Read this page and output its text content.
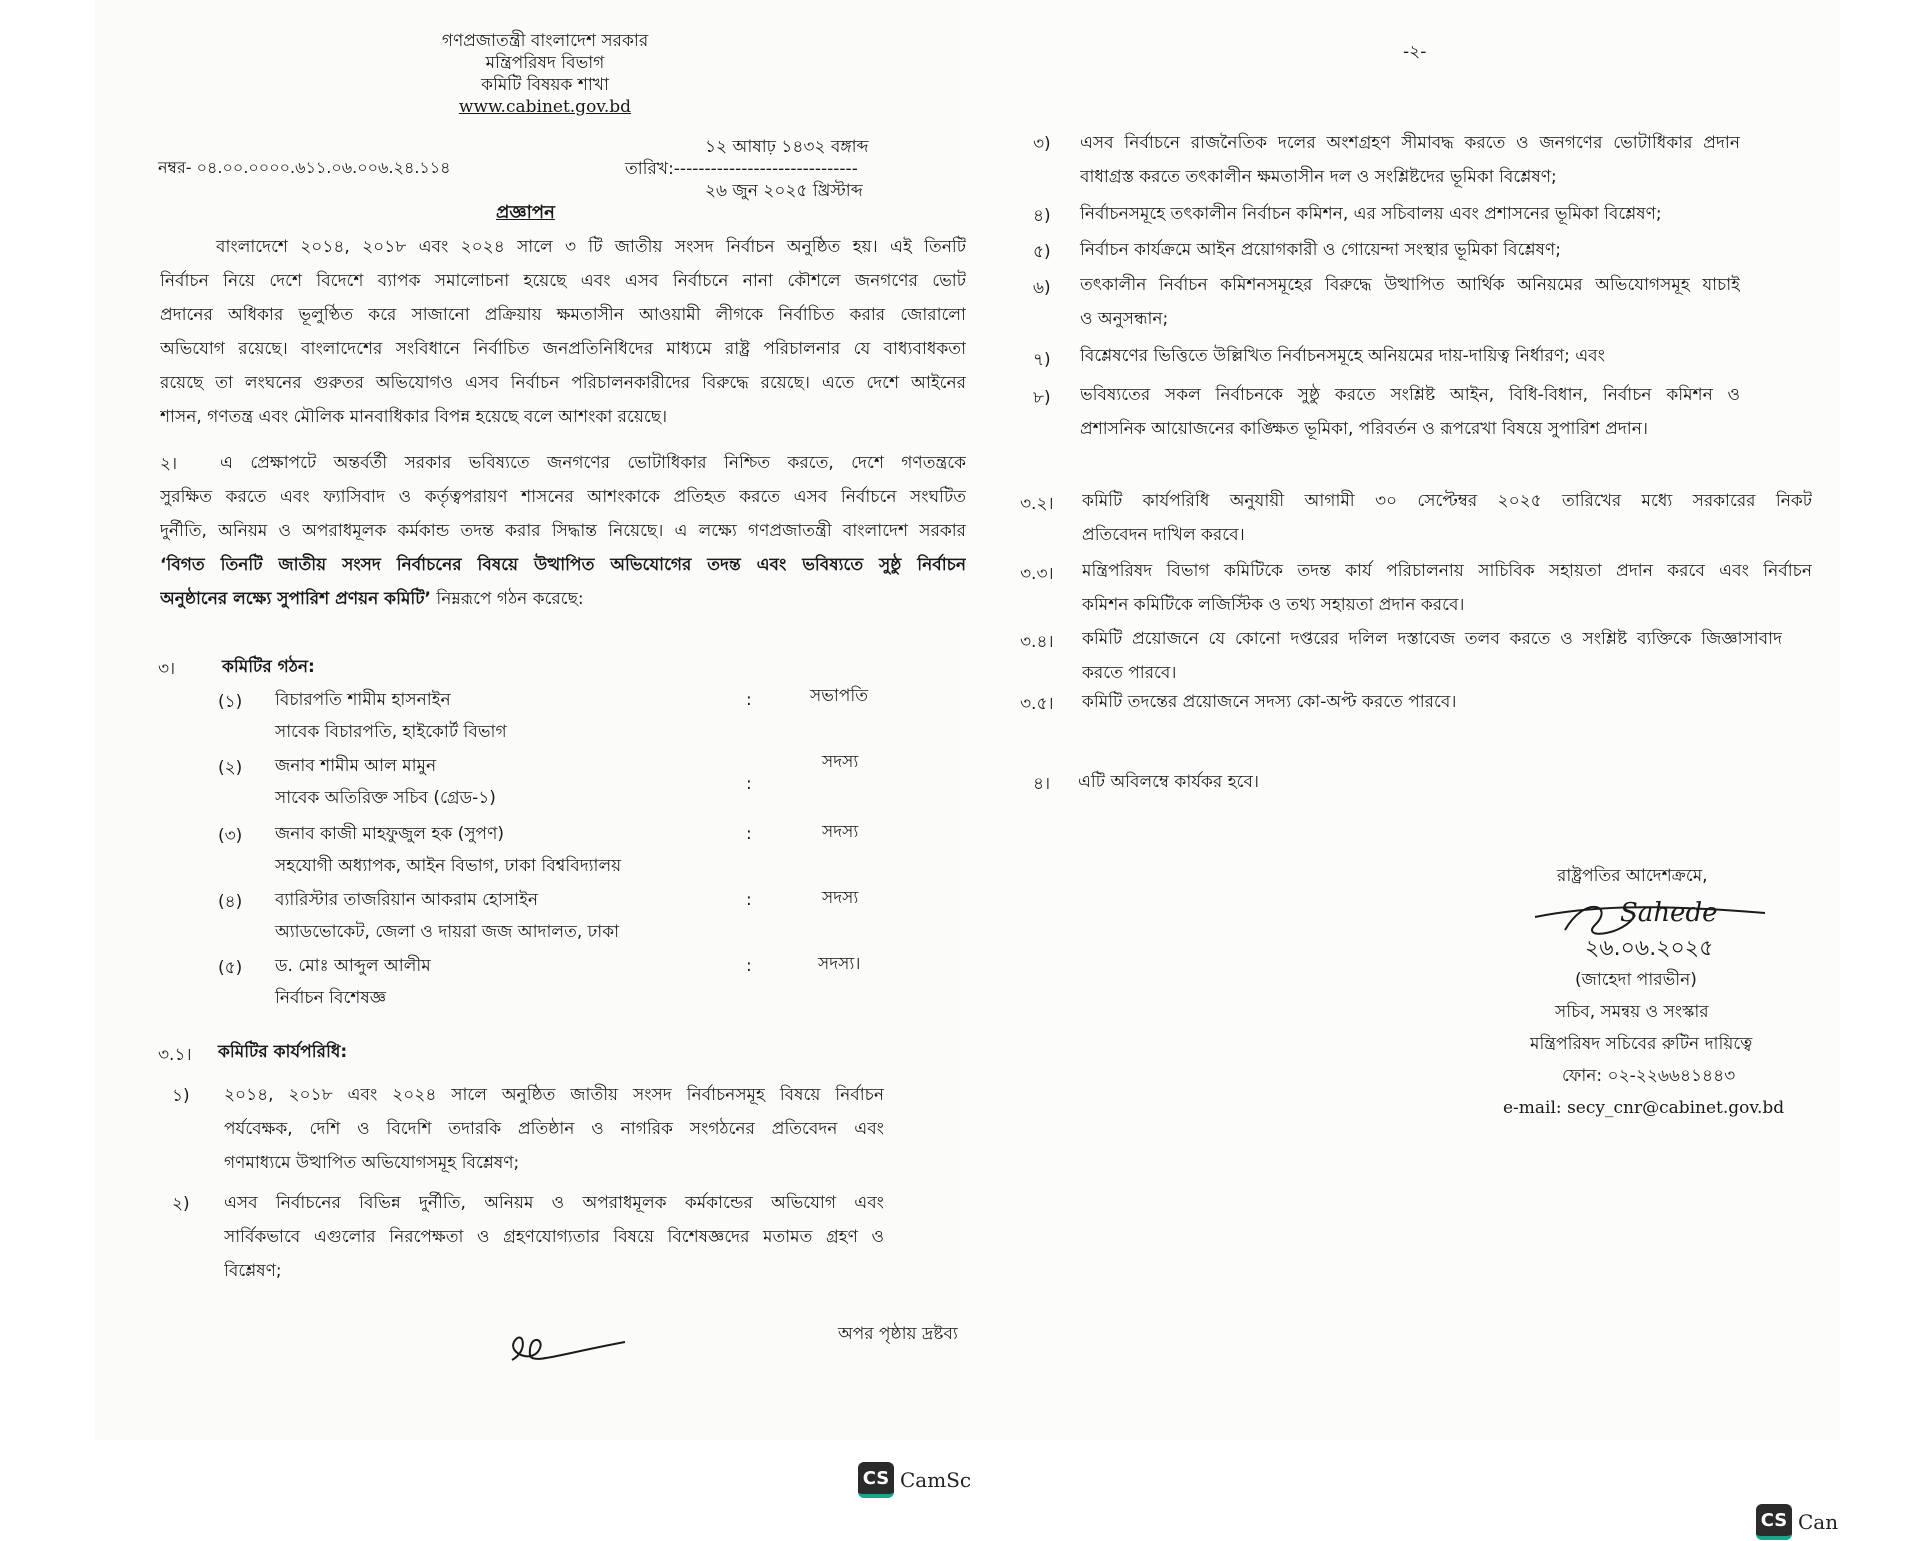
গণপ্রজাতন্ত্রী বাংলাদেশ সরকার
মন্ত্রিপরিষদ বিভাগ
কমিটি বিষয়ক শাখা
www.cabinet.gov.bd
১২ আষাঢ় ১৪৩২ বঙ্গাব্দ
তারিখ:------------------------------
২৬ জুন ২০২৫ খ্রিস্টাব্দ
নম্বর- ০৪.০০.০০০০.৬১১.০৬.০০৬.২৪.১১৪
প্রজ্ঞাপন
বাংলাদেশে ২০১৪, ২০১৮ এবং ২০২৪ সালে ৩ টি জাতীয় সংসদ নির্বাচন অনুষ্ঠিত হয়। এই তিনটি
নির্বাচন নিয়ে দেশে বিদেশে ব্যাপক সমালোচনা হয়েছে এবং এসব নির্বাচনে নানা কৌশলে জনগণের ভোট
প্রদানের অধিকার ভূলুণ্ঠিত করে সাজানো প্রক্রিয়ায় ক্ষমতাসীন আওয়ামী লীগকে নির্বাচিত করার জোরালো
অভিযোগ রয়েছে। বাংলাদেশের সংবিধানে নির্বাচিত জনপ্রতিনিধিদের মাধ্যমে রাষ্ট্র পরিচালনার যে বাধ্যবাধকতা
রয়েছে তা লংঘনের গুরুতর অভিযোগও এসব নির্বাচন পরিচালনকারীদের বিরুদ্ধে রয়েছে। এতে দেশে আইনের
শাসন, গণতন্ত্র এবং মৌলিক মানবাধিকার বিপন্ন হয়েছে বলে আশংকা রয়েছে।
২।	এ প্রেক্ষাপটে অন্তর্বর্তী সরকার ভবিষ্যতে জনগণের ভোটাধিকার নিশ্চিত করতে, দেশে গণতন্ত্রকে
সুরক্ষিত করতে এবং ফ্যাসিবাদ ও কর্তৃত্বপরায়ণ শাসনের আশংকাকে প্রতিহত করতে এসব নির্বাচনে সংঘটিত
দুর্নীতি, অনিয়ম ও অপরাধমূলক কর্মকান্ড তদন্ত করার সিদ্ধান্ত নিয়েছে। এ লক্ষ্যে গণপ্রজাতন্ত্রী বাংলাদেশ সরকার
‘বিগত তিনটি জাতীয় সংসদ নির্বাচনের বিষয়ে উত্থাপিত অভিযোগের তদন্ত এবং ভবিষ্যতে সুষ্ঠু নির্বাচন
অনুষ্ঠানের লক্ষ্যে সুপারিশ প্রণয়ন কমিটি’ নিম্নরূপে গঠন করেছে:
৩।	কমিটির গঠন:
(১) বিচারপতি শামীম হাসনাইন
সাবেক বিচারপতি, হাইকোর্ট বিভাগ
:	সভাপতি
(২) জনাব শামীম আল মামুন
সাবেক অতিরিক্ত সচিব (গ্রেড-১)
:
সদস্য
(৩) জনাব কাজী মাহফুজুল হক (সুপণ)
সহযোগী অধ্যাপক, আইন বিভাগ, ঢাকা বিশ্ববিদ্যালয়
:	সদস্য
(৪) ব্যারিস্টার তাজরিয়ান আকরাম হোসাইন
অ্যাডভোকেট, জেলা ও দায়রা জজ আদালত, ঢাকা
:	সদস্য
(৫) ড. মোঃ আব্দুল আলীম
নির্বাচন বিশেষজ্ঞ
:	সদস্য।
৩.১। কমিটির কার্যপরিধি:
১) ২০১৪, ২০১৮ এবং ২০২৪ সালে অনুষ্ঠিত জাতীয় সংসদ নির্বাচনসমূহ বিষয়ে নির্বাচন
পর্যবেক্ষক, দেশি ও বিদেশি তদারকি প্রতিষ্ঠান ও নাগরিক সংগঠনের প্রতিবেদন এবং
গণমাধ্যমে উত্থাপিত অভিযোগসমূহ বিশ্লেষণ;
২) এসব নির্বাচনের বিভিন্ন দুর্নীতি, অনিয়ম ও অপরাধমূলক কর্মকান্ডের অভিযোগ এবং
সার্বিকভাবে এগুলোর নিরপেক্ষতা ও গ্রহণযোগ্যতার বিষয়ে বিশেষজ্ঞদের মতামত গ্রহণ ও
বিশ্লেষণ;
অপর পৃষ্ঠায় দ্রষ্টব্য
-২-
৩) এসব নির্বাচনে রাজনৈতিক দলের অংশগ্রহণ সীমাবদ্ধ করতে ও জনগণের ভোটাধিকার প্রদান
বাধাগ্রস্ত করতে তৎকালীন ক্ষমতাসীন দল ও সংশ্লিষ্টদের ভূমিকা বিশ্লেষণ;
৪) নির্বাচনসমূহে তৎকালীন নির্বাচন কমিশন, এর সচিবালয় এবং প্রশাসনের ভূমিকা বিশ্লেষণ;
৫) নির্বাচন কার্যক্রমে আইন প্রয়োগকারী ও গোয়েন্দা সংস্থার ভূমিকা বিশ্লেষণ;
৬) তৎকালীন নির্বাচন কমিশনসমূহের বিরুদ্ধে উত্থাপিত আর্থিক অনিয়মের অভিযোগসমূহ যাচাই
ও অনুসন্ধান;
৭) বিশ্লেষণের ভিত্তিতে উল্লিখিত নির্বাচনসমূহে অনিয়মের দায়-দায়িত্ব নির্ধারণ; এবং
৮) ভবিষ্যতের সকল নির্বাচনকে সুষ্ঠু করতে সংশ্লিষ্ট আইন, বিধি-বিধান, নির্বাচন কমিশন ও
প্রশাসনিক আয়োজনের কাঙ্ক্ষিত ভূমিকা, পরিবর্তন ও রূপরেখা বিষয়ে সুপারিশ প্রদান।
৩.২। কমিটি কার্যপরিধি অনুযায়ী আগামী ৩০ সেপ্টেম্বর ২০২৫ তারিখের মধ্যে সরকারের নিকট
প্রতিবেদন দাখিল করবে।
৩.৩। মন্ত্রিপরিষদ বিভাগ কমিটিকে তদন্ত কার্য পরিচালনায় সাচিবিক সহায়তা প্রদান করবে এবং নির্বাচন
কমিশন কমিটিকে লজিস্টিক ও তথ্য সহায়তা প্রদান করবে।
৩.৪। কমিটি প্রয়োজনে যে কোনো দপ্তরের দলিল দস্তাবেজ তলব করতে ও সংশ্লিষ্ট ব্যক্তিকে জিজ্ঞাসাবাদ
করতে পারবে।
৩.৫। কমিটি তদন্তের প্রয়োজনে সদস্য কো-অপ্ট করতে পারবে।
৪। এটি অবিলম্বে কার্যকর হবে।
রাষ্ট্রপতির আদেশক্রমে,
Sahede
২৬.০৬.২০২৫
(জাহেদা পারভীন)
সচিব, সমন্বয় ও সংস্কার
মন্ত্রিপরিষদ সচিবের রুটিন দায়িত্বে
ফোন: ০২-২২৬৬৪১৪৪৩
e-mail: secy_cnr@cabinet.gov.bd
CS CamSc
CS Can
